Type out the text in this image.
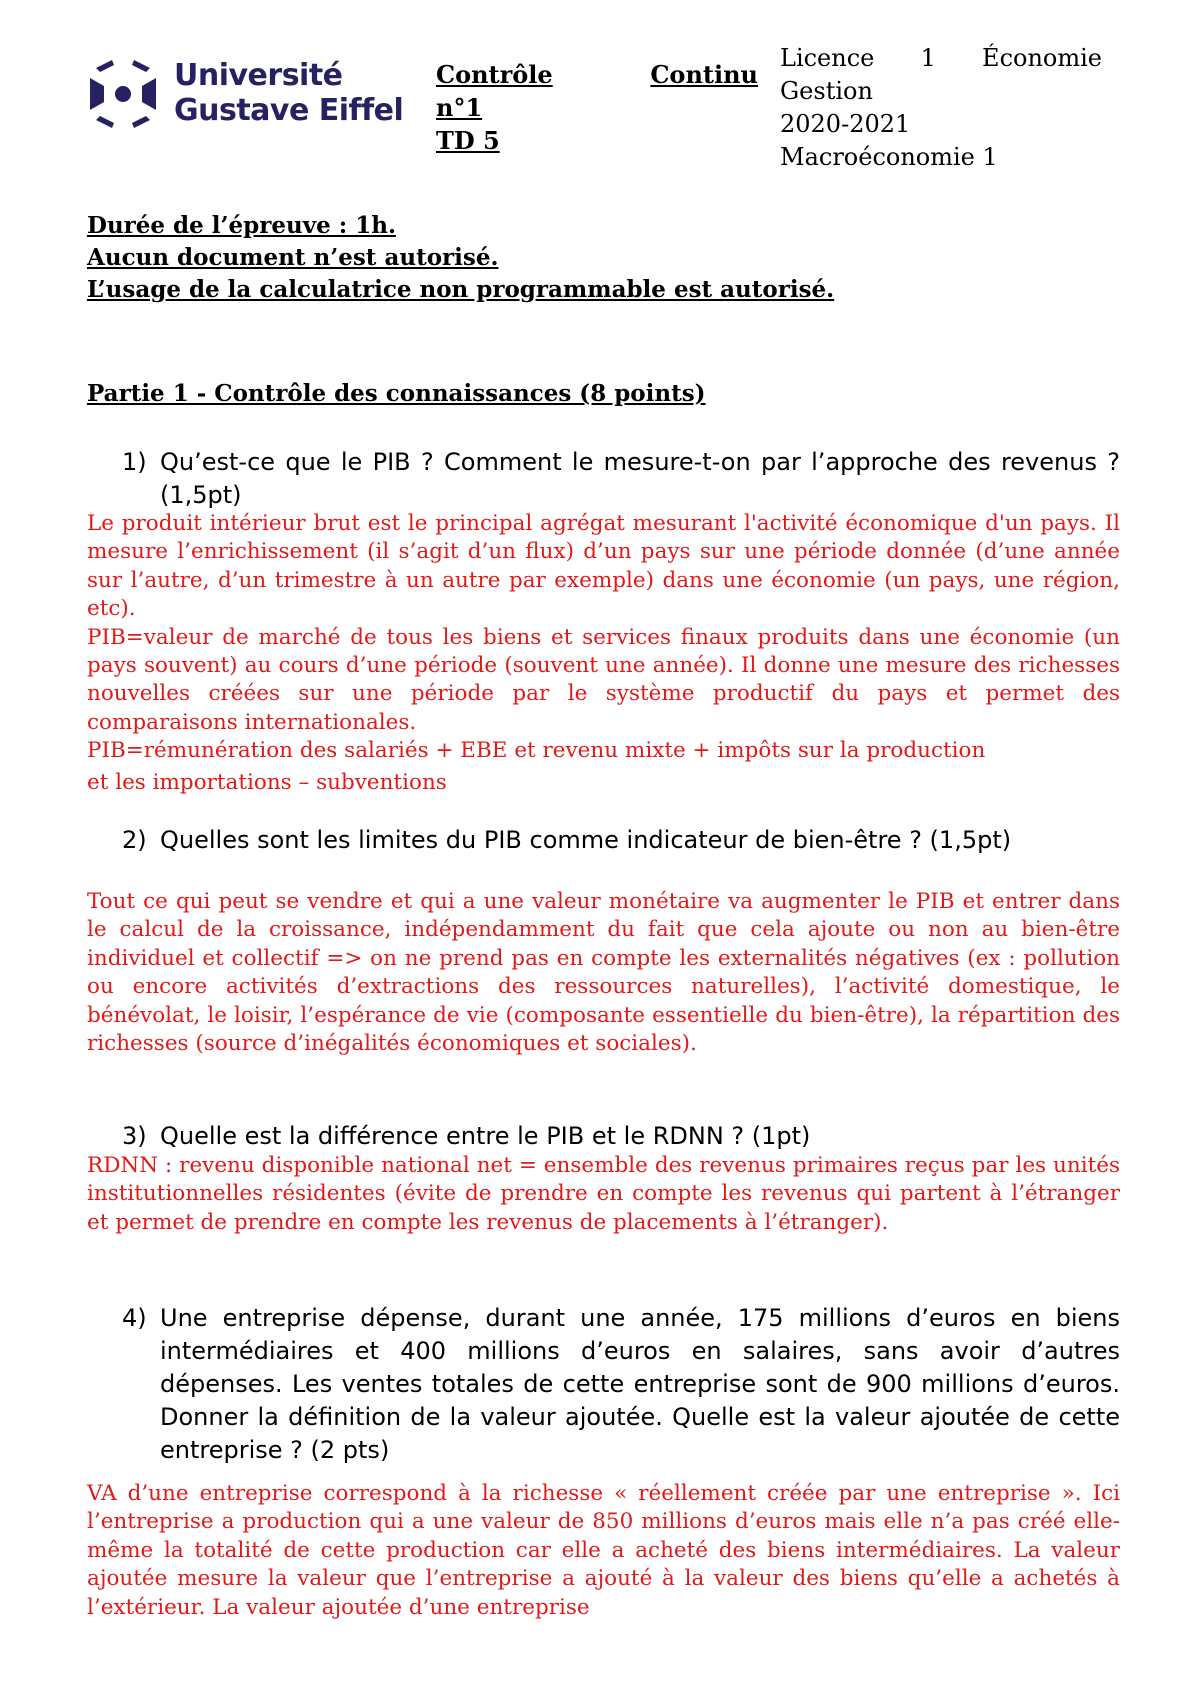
Université
Gustave Eiffel
Contrôle	Continu
n°1
TD 5
Licence 1 Économie
Gestion
2020-2021
Macroéconomie 1
Durée de l’épreuve : 1h.
Aucun document n’est autorisé.
L’usage de la calculatrice non programmable est autorisé.
Partie 1 - Contrôle des connaissances (8 points)
1) Qu’est-ce que le PIB ? Comment le mesure-t-on par l’approche des revenus ? (1,5pt)

Le produit intérieur brut est le principal agrégat mesurant l'activité économique d'un pays. Il mesure l’enrichissement (il s’agit d’un flux) d’un pays sur une période donnée (d’une année sur l’autre, d’un trimestre à un autre par exemple) dans une économie (un pays, une région, etc).

PIB=valeur de marché de tous les biens et services finaux produits dans une économie (un pays souvent) au cours d’une période (souvent une année). Il donne une mesure des richesses nouvelles créées sur une période par le système productif du pays et permet des comparaisons internationales.

PIB=rémunération des salariés + EBE et revenu mixte + impôts sur la production

et les importations – subventions

2) Quelles sont les limites du PIB comme indicateur de bien-être ? (1,5pt)

Tout ce qui peut se vendre et qui a une valeur monétaire va augmenter le PIB et entrer dans le calcul de la croissance, indépendamment du fait que cela ajoute ou non au bien-être individuel et collectif => on ne prend pas en compte les externalités négatives (ex : pollution ou encore activités d’extractions des ressources naturelles), l’activité domestique, le bénévolat, le loisir, l’espérance de vie (composante essentielle du bien-être), la répartition des richesses (source d’inégalités économiques et sociales).

3) Quelle est la différence entre le PIB et le RDNN ? (1pt)

RDNN : revenu disponible national net = ensemble des revenus primaires reçus par les unités institutionnelles résidentes (évite de prendre en compte les revenus qui partent à l’étranger et permet de prendre en compte les revenus de placements à l’étranger).

4) Une entreprise dépense, durant une année, 175 millions d’euros en biens intermédiaires et 400 millions d’euros en salaires, sans avoir d’autres dépenses. Les ventes totales de cette entreprise sont de 900 millions d’euros. Donner la définition de la valeur ajoutée. Quelle est la valeur ajoutée de cette entreprise ? (2 pts)

VA d’une entreprise correspond à la richesse « réellement créée par une entreprise ». Ici l’entreprise a production qui a une valeur de 850 millions d’euros mais elle n’a pas créé elle-même la totalité de cette production car elle a acheté des biens intermédiaires. La valeur ajoutée mesure la valeur que l’entreprise a ajouté à la valeur des biens qu’elle a achetés à l’extérieur. La valeur ajoutée d’une entreprise
